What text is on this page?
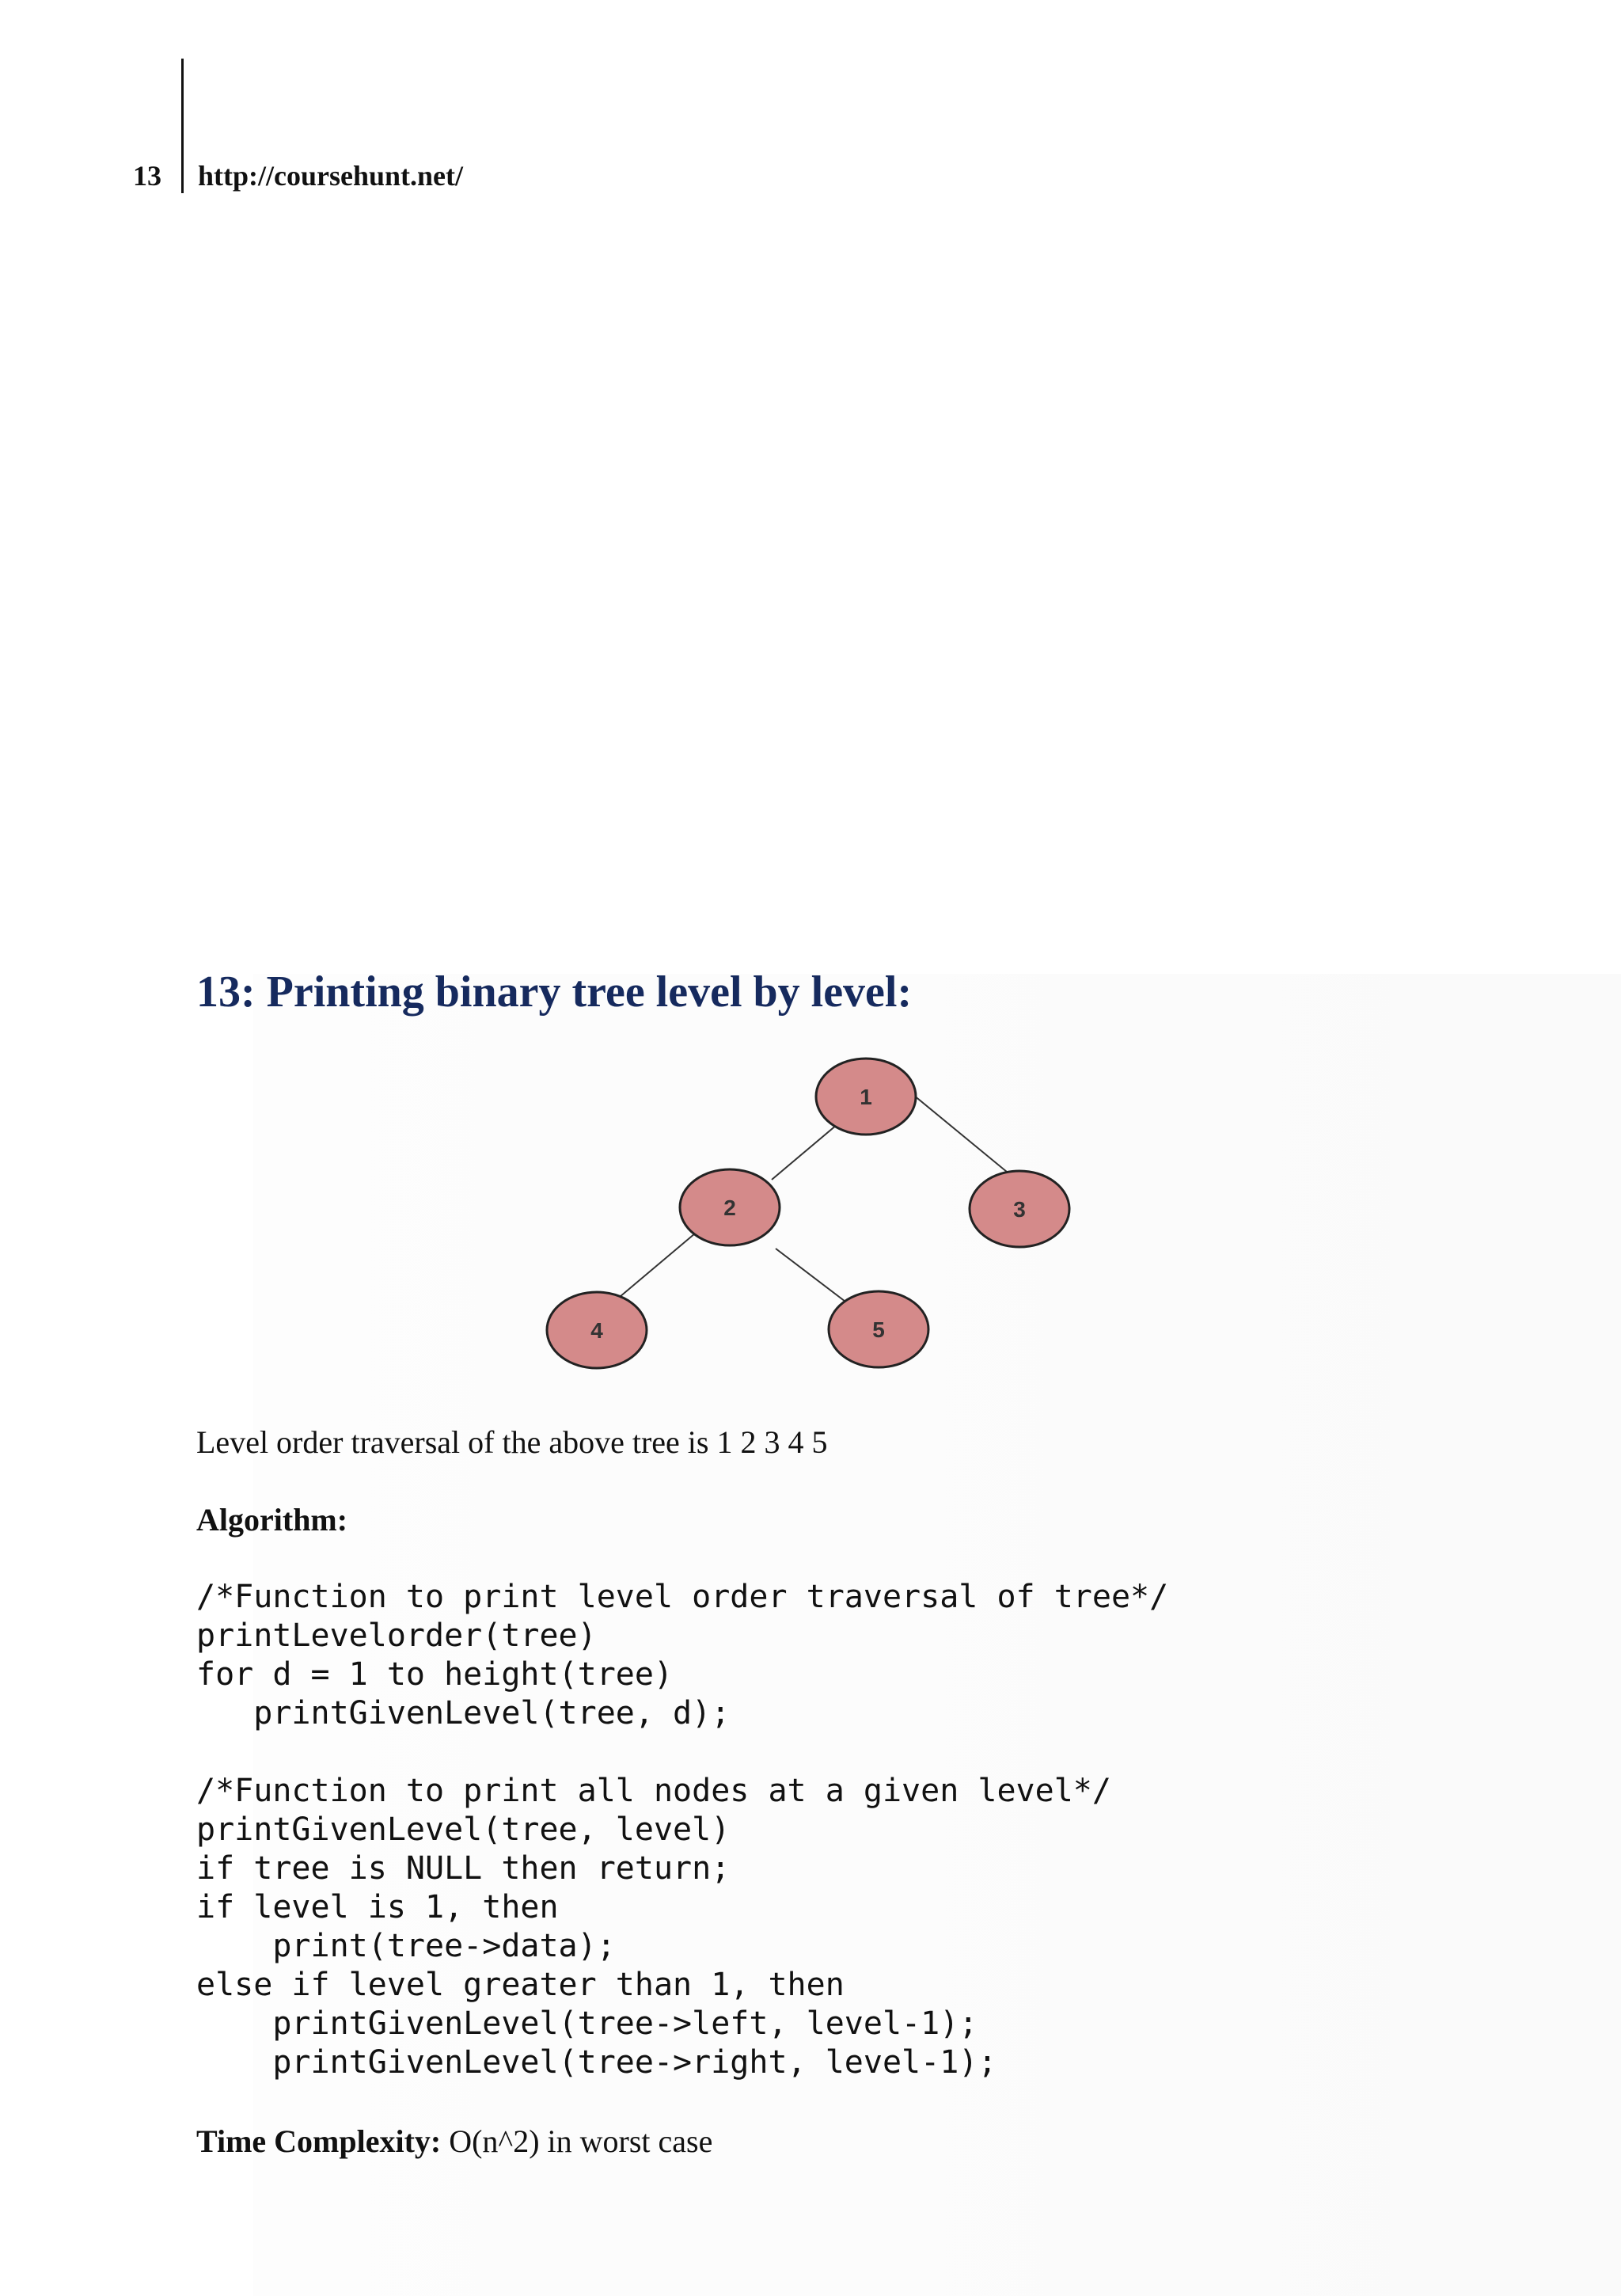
13 http://coursehunt.net/
13: Printing binary tree level by level:
1
2	3
4	5
Level order traversal of the above tree is 1 2 3 4 5
Algorithm:
/*Function to print level order traversal of tree*/
printLevelorder(tree)
for d = 1 to height(tree)
printGivenLevel(tree, d);
/*Function to print all nodes at a given level*/
printGivenLevel(tree, level)
if tree is NULL then return;
if level is 1, then
print(tree->data);
else if level greater than 1, then
printGivenLevel(tree->left, level-1);
printGivenLevel(tree->right, level-1);
Time Complexity: O(n^2) in worst case
